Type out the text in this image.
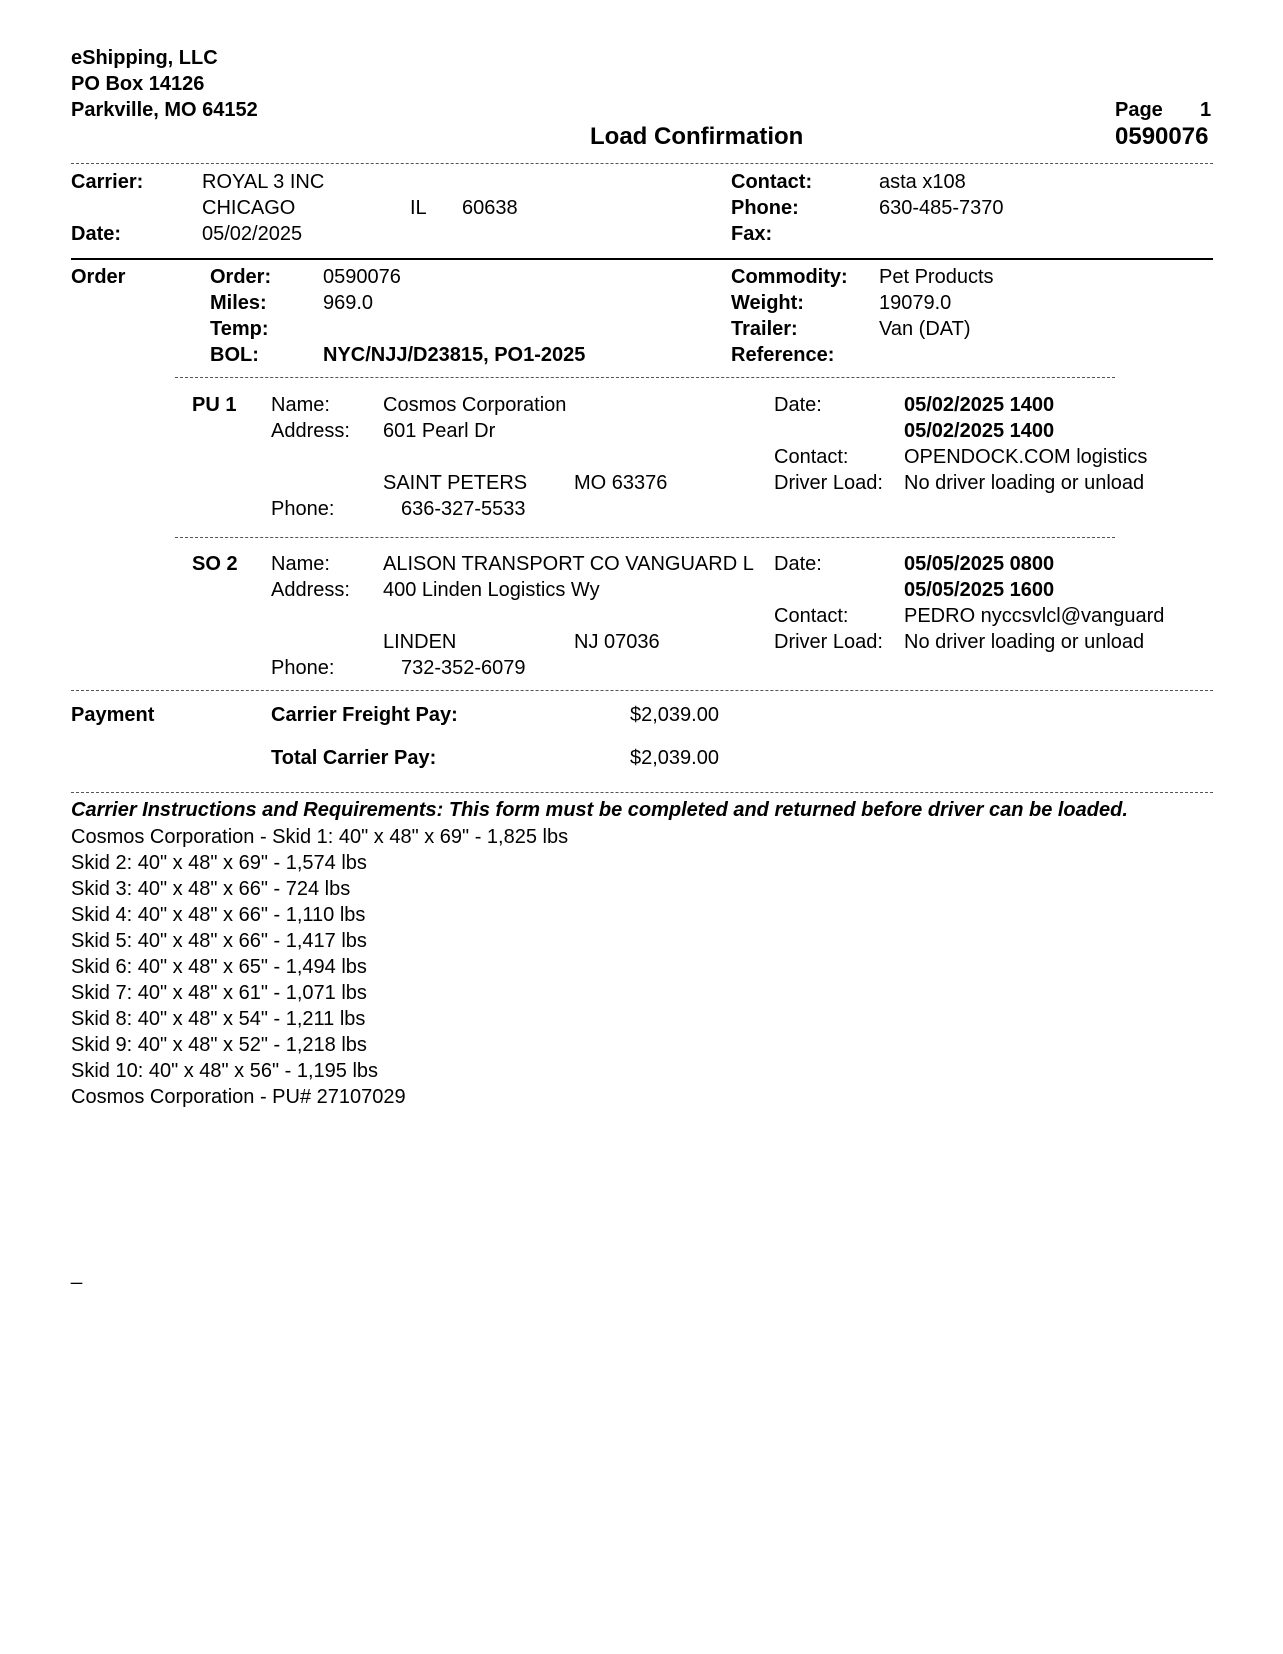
eShipping, LLC
PO Box 14126
Parkville, MO 64152
Load Confirmation
Page 1
0590076
Carrier:	ROYAL 3 INC
CHICAGO	IL 60638
Date:	05/02/2025
Contact:	asta x108
Phone:	630-485-7370
Fax:
Order	Order:	0590076
Miles:	969.0
Temp:
BOL:	NYC/NJJ/D23815, PO1-2025
Commodity: Pet Products
Weight:	19079.0
Trailer:	Van (DAT)
Reference:
PU 1 Name:	Cosmos Corporation
Address: 601 Pearl Dr
SAINT PETERS MO 63376
Phone:	636-327-5533
Date:	05/02/2025 1400
05/02/2025 1400
Contact:	OPENDOCK.COM logistics
Driver Load: No driver loading or unload
SO 2 Name:	ALISON TRANSPORT CO VANGUARD L
Address: 400 Linden Logistics Wy
LINDEN	NJ 07036
Phone:	732-352-6079
Date:	05/05/2025 0800
05/05/2025 1600
Contact:	PEDRO nyccsvlcl@vanguard
Driver Load: No driver loading or unload
Payment	Carrier Freight Pay:	$2,039.00
Total Carrier Pay:	$2,039.00
Carrier Instructions and Requirements: This form must be completed and returned before driver can be loaded.
Cosmos Corporation - Skid 1: 40" x 48" x 69" - 1,825 lbs
Skid 2: 40" x 48" x 69" - 1,574 lbs
Skid 3: 40" x 48" x 66" - 724 lbs
Skid 4: 40" x 48" x 66" - 1,110 lbs
Skid 5: 40" x 48" x 66" - 1,417 lbs
Skid 6: 40" x 48" x 65" - 1,494 lbs
Skid 7: 40" x 48" x 61" - 1,071 lbs
Skid 8: 40" x 48" x 54" - 1,211 lbs
Skid 9: 40" x 48" x 52" - 1,218 lbs
Skid 10: 40" x 48" x 56" - 1,195 lbs
Cosmos Corporation - PU# 27107029
_
